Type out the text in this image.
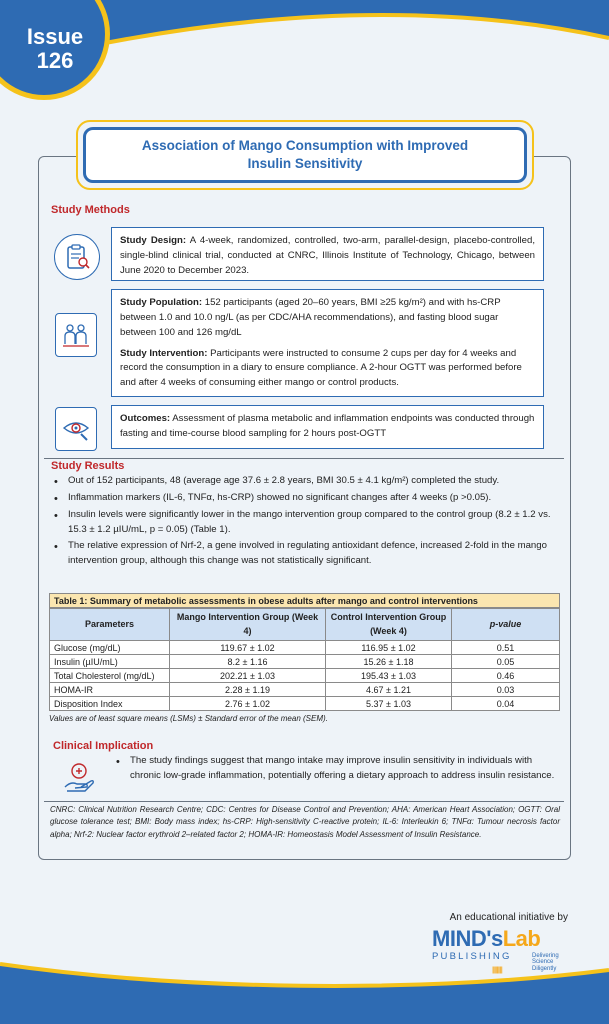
Issue
126
Association of Mango Consumption with Improved
Insulin Sensitivity
Study Methods
Study Design: A 4-week, randomized, controlled, two-arm, parallel-design, placebo-controlled, single-blind clinical trial, conducted at CNRC, Illinois Institute of Technology, Chicago, between June 2020 to December 2023.
Study Population: 152 participants (aged 20–60 years, BMI ≥25 kg/m²) and with hs-CRP between 1.0 and 10.0 ng/L (as per CDC/AHA recommendations), and fasting blood sugar between 100 and 126 mg/dL
Study Intervention: Participants were instructed to consume 2 cups per day for 4 weeks and record the consumption in a diary to ensure compliance. A 2-hour OGTT was performed before and after 4 weeks of consuming either mango or control products.
Outcomes: Assessment of plasma metabolic and inflammation endpoints was conducted through fasting and time-course blood sampling for 2 hours post-OGTT
Study Results
• Out of 152 participants, 48 (average age 37.6 ± 2.8 years, BMI 30.5 ± 4.1 kg/m²) completed the study.
• Inflammation markers (IL-6, TNFα, hs-CRP) showed no significant changes after 4 weeks (p >0.05).
• Insulin levels were significantly lower in the mango intervention group compared to the control group (8.2 ± 1.2 vs. 15.3 ± 1.2 µIU/mL, p = 0.05) (Table 1).
• The relative expression of Nrf-2, a gene involved in regulating antioxidant defence, increased 2-fold in the mango intervention group, although this change was not statistically significant.
Table 1: Summary of metabolic assessments in obese adults after mango and control interventions
Parameters	Mango Intervention Group (Week 4)	Control Intervention Group (Week 4)	p-value
Glucose (mg/dL)	119.67 ± 1.02	116.95 ± 1.02	0.51
Insulin (µIU/mL)	8.2 ± 1.16	15.26 ± 1.18	0.05
Total Cholesterol (mg/dL)	202.21 ± 1.03	195.43 ± 1.03	0.46
HOMA-IR	2.28 ± 1.19	4.67 ± 1.21	0.03
Disposition Index	2.76 ± 1.02	5.37 ± 1.03	0.04
Values are of least square means (LSMs) ± Standard error of the mean (SEM).
Clinical Implication
• The study findings suggest that mango intake may improve insulin sensitivity in individuals with chronic low-grade inflammation, potentially offering a dietary approach to address insulin resistance.
CNRC: Clinical Nutrition Research Centre; CDC: Centres for Disease Control and Prevention; AHA: American Heart Association; OGTT: Oral glucose tolerance test; BMI: Body mass index; hs-CRP: High-sensitivity C-reactive protein; IL-6: Interleukin 6; TNFα: Tumour necrosis factor alpha; Nrf-2: Nuclear factor erythroid 2–related factor 2; HOMA-IR: Homeostasis Model Assessment of Insulin Resistance.
An educational initiative by
MIND'sLab
PUBLISHING	Delivering
Science
Diligently
||||||||||||
